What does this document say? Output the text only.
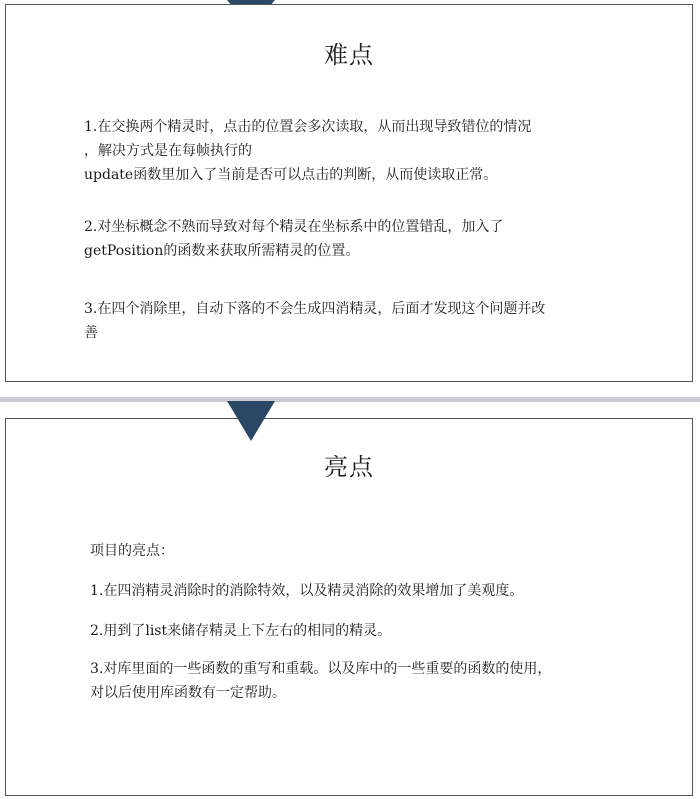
难点

1.在交换两个精灵时，点击的位置会多次读取，从而出现导致错位的情况
，解决方式是在每帧执行的
update函数里加入了当前是否可以点击的判断，从而使读取正常。

2.对坐标概念不熟而导致对每个精灵在坐标系中的位置错乱，加入了
getPosition的函数来获取所需精灵的位置。

3.在四个消除里，自动下落的不会生成四消精灵，后面才发现这个问题并改
善

亮点

项目的亮点：

1.在四消精灵消除时的消除特效，以及精灵消除的效果增加了美观度。

2.用到了list来储存精灵上下左右的相同的精灵。

3.对库里面的一些函数的重写和重载。以及库中的一些重要的函数的使用，
对以后使用库函数有一定帮助。
